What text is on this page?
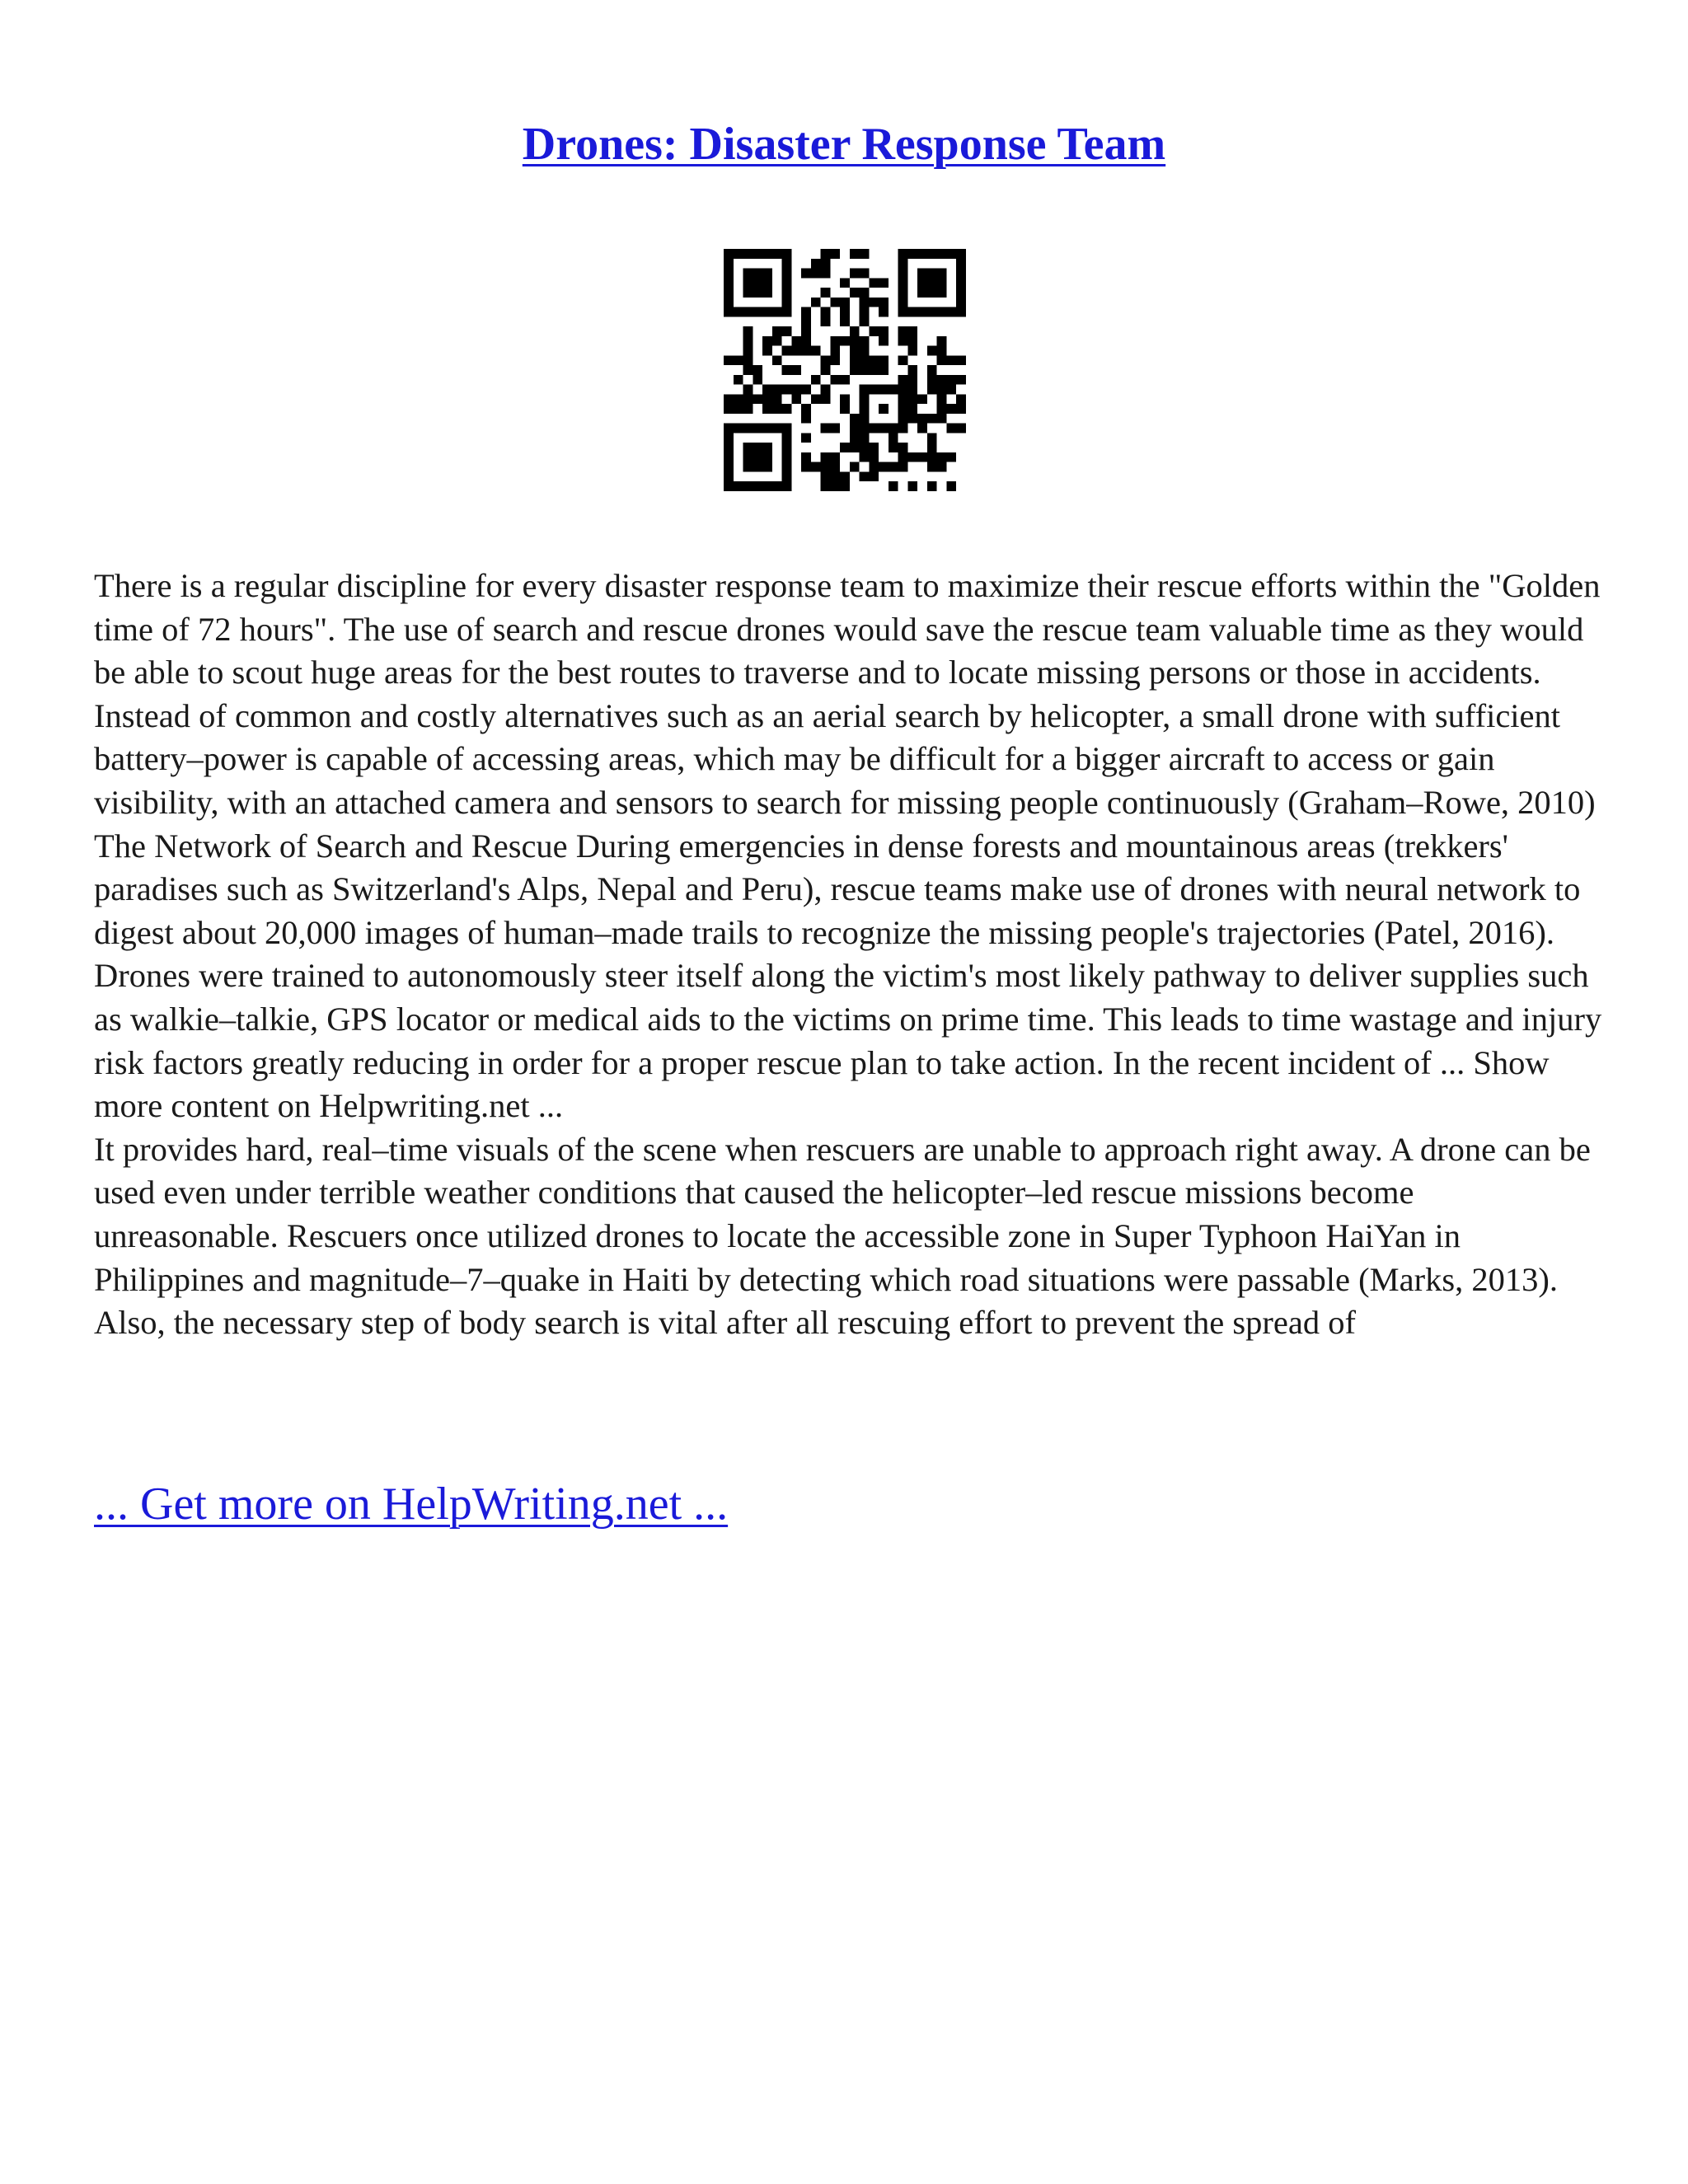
Drones: Disaster Response Team

There is a regular discipline for every disaster response team to maximize their rescue efforts within the "Golden time of 72 hours". The use of search and rescue drones would save the rescue team valuable time as they would be able to scout huge areas for the best routes to traverse and to locate missing persons or those in accidents. Instead of common and costly alternatives such as an aerial search by helicopter, a small drone with sufficient battery–power is capable of accessing areas, which may be difficult for a bigger aircraft to access or gain visibility, with an attached camera and sensors to search for missing people continuously (Graham–Rowe, 2010) The Network of Search and Rescue During emergencies in dense forests and mountainous areas (trekkers' paradises such as Switzerland's Alps, Nepal and Peru), rescue teams make use of drones with neural network to digest about 20,000 images of human–made trails to recognize the missing people's trajectories (Patel, 2016). Drones were trained to autonomously steer itself along the victim's most likely pathway to deliver supplies such as walkie–talkie, GPS locator or medical aids to the victims on prime time. This leads to time wastage and injury risk factors greatly reducing in order for a proper rescue plan to take action. In the recent incident of ... Show more content on Helpwriting.net ...

It provides hard, real–time visuals of the scene when rescuers are unable to approach right away. A drone can be used even under terrible weather conditions that caused the helicopter–led rescue missions become unreasonable. Rescuers once utilized drones to locate the accessible zone in Super Typhoon HaiYan in Philippines and magnitude–7–quake in Haiti by detecting which road situations were passable (Marks, 2013). Also, the necessary step of body search is vital after all rescuing effort to prevent the spread of

... Get more on HelpWriting.net ...
